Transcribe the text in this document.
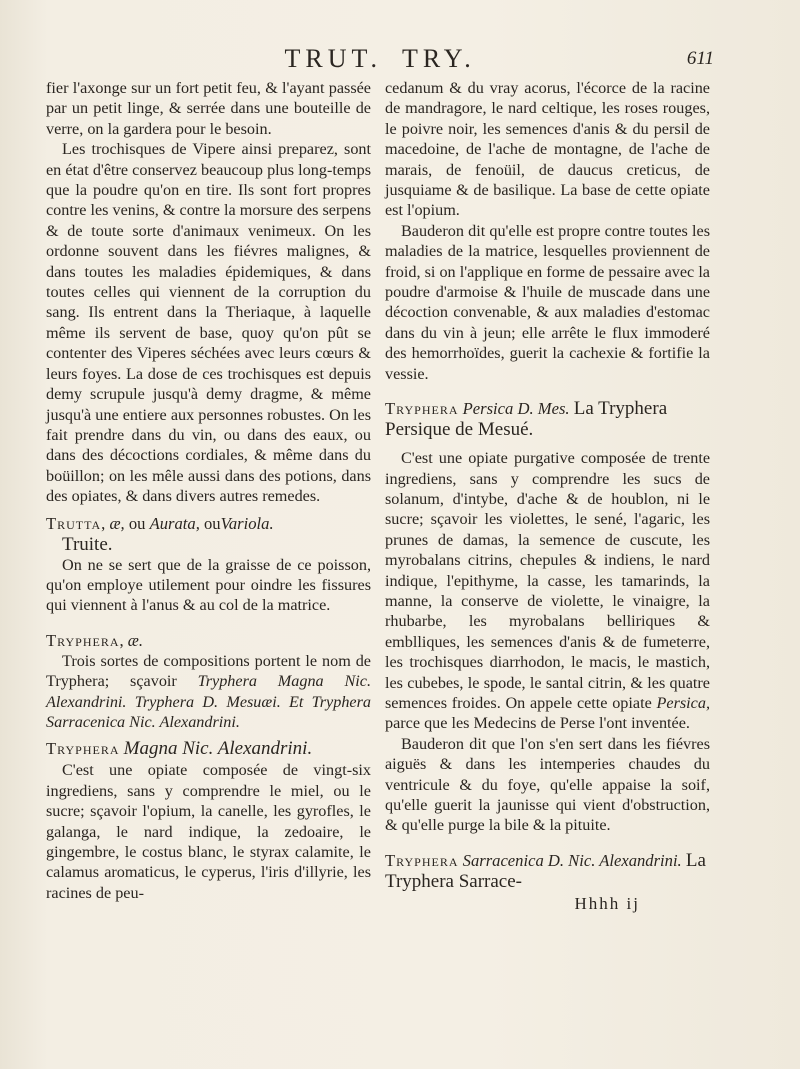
TRUT. TRY.	611

fier l'axonge sur un fort petit feu, & l'ayant passée par un petit linge, & serrée dans une bouteille de verre, on la gardera pour le besoin.

Les trochisques de Vipere ainsi preparez, sont en état d'être conservez beaucoup plus long-temps que la poudre qu'on en tire. Ils sont fort propres contre les venins, & contre la morsure des serpens & de toute sorte d'animaux venimeux. On les ordonne souvent dans les fiévres malignes, & dans toutes les maladies épidemiques, & dans toutes celles qui viennent de la corruption du sang. Ils entrent dans la Theriaque, à laquelle même ils servent de base, quoy qu'on pût se contenter des Viperes séchées avec leurs cœurs & leurs foyes. La dose de ces trochisques est depuis demy scrupule jusqu'à demy dragme, & même jusqu'à une entiere aux personnes robustes. On les fait prendre dans du vin, ou dans des eaux, ou dans des décoctions cordiales, & même dans du boüillon; on les mêle aussi dans des potions, dans des opiates, & dans divers autres remedes.

Trutta, æ, ou Aurata, ouVariola.
Truite.

On ne se sert que de la graisse de ce poisson, qu'on employe utilement pour oindre les fissures qui viennent à l'anus & au col de la matrice.

Tryphera, æ.

Trois sortes de compositions portent le nom de Tryphera; sçavoir Tryphera Magna Nic. Alexandrini. Tryphera D. Mesuæi. Et Tryphera Sarracenica Nic. Alexandrini.

Tryphera Magna Nic. Alexandrini.

C'est une opiate composée de vingt-six ingrediens, sans y comprendre le miel, ou le sucre; sçavoir l'opium, la canelle, les gyrofles, le galanga, le nard indique, la zedoaire, le gingembre, le costus blanc, le styrax calamite, le calamus aromaticus, le cyperus, l'iris d'illyrie, les racines de peu-

cedanum & du vray acorus, l'écorce de la racine de mandragore, le nard celtique, les roses rouges, le poivre noir, les semences d'anis & du persil de macedoine, de l'ache de montagne, de l'ache de marais, de fenoüil, de daucus creticus, de jusquiame & de basilique. La base de cette opiate est l'opium.

Bauderon dit qu'elle est propre contre toutes les maladies de la matrice, lesquelles proviennent de froid, si on l'applique en forme de pessaire avec la poudre d'armoise & l'huile de muscade dans une décoction convenable, & aux maladies d'estomac dans du vin à jeun; elle arrête le flux immoderé des hemorrhoïdes, guerit la cachexie & fortifie la vessie.

Tryphera Persica D. Mes. La Tryphera Persique de Mesué.

C'est une opiate purgative composée de trente ingrediens, sans y comprendre les sucs de solanum, d'intybe, d'ache & de houblon, ni le sucre; sçavoir les violettes, le sené, l'agaric, les prunes de damas, la semence de cuscute, les myrobalans citrins, chepules & indiens, le nard indique, l'epithyme, la casse, les tamarinds, la manne, la conserve de violette, le vinaigre, la rhubarbe, les myrobalans belliriques & emblliques, les semences d'anis & de fumeterre, les trochisques diarrhodon, le macis, le mastich, les cubebes, le spode, le santal citrin, & les quatre semences froides. On appele cette opiate Persica, parce que les Medecins de Perse l'ont inventée.

Bauderon dit que l'on s'en sert dans les fiévres aiguës & dans les intemperies chaudes du ventricule & du foye, qu'elle appaise la soif, qu'elle guerit la jaunisse qui vient d'obstruction, & qu'elle purge la bile & la pituite.

Tryphera Sarracenica D. Nic. Alexandrini. La Tryphera Sarrace-
Hhhh ij
